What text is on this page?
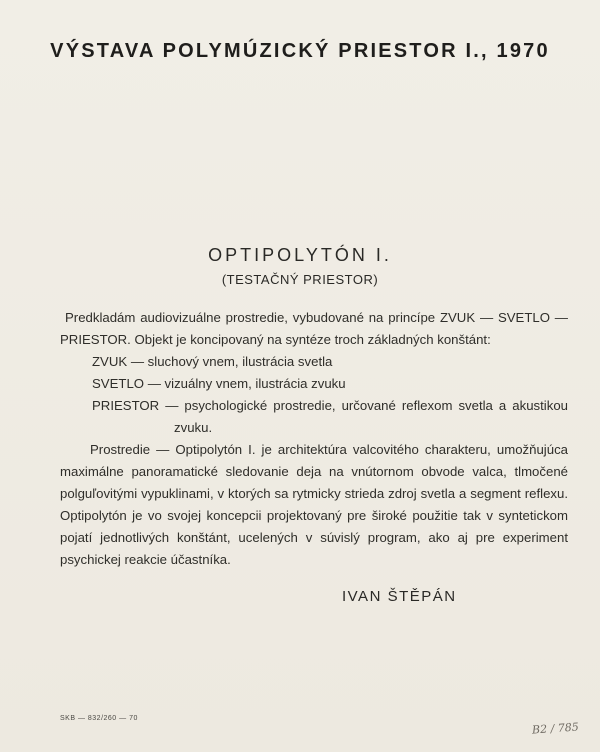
VÝSTAVA POLYMÚZICKÝ PRIESTOR I., 1970
OPTIPOLYTÓN I.
(TESTAČNÝ PRIESTOR)

Predkladám audiovizuálne prostredie, vybudované na princípe ZVUK — SVETLO — PRIESTOR. Objekt je koncipovaný na syntéze troch základných konštánt:

ZVUK — sluchový vnem, ilustrácia svetla
SVETLO — vizuálny vnem, ilustrácia zvuku
PRIESTOR — psychologické prostredie, určované reflexom svetla a akustikou zvuku.

Prostredie — Optipolytón I. je architektúra valcovitého charakteru, umožňujúca maximálne panoramatické sledovanie deja na vnútornom obvode valca, tlmočené polguľovitými vypuklinami, v ktorých sa rytmicky strieda zdroj svetla a segment reflexu. Optipolytón je vo svojej koncepcii projektovaný pre široké použitie tak v syntetickom pojatí jednotlivých konštánt, ucelených v súvislý program, ako aj pre experiment psychickej reakcie účastníka.

IVAN ŠTĚPÁN
SKB — 832/260 — 70
B2 / 785
